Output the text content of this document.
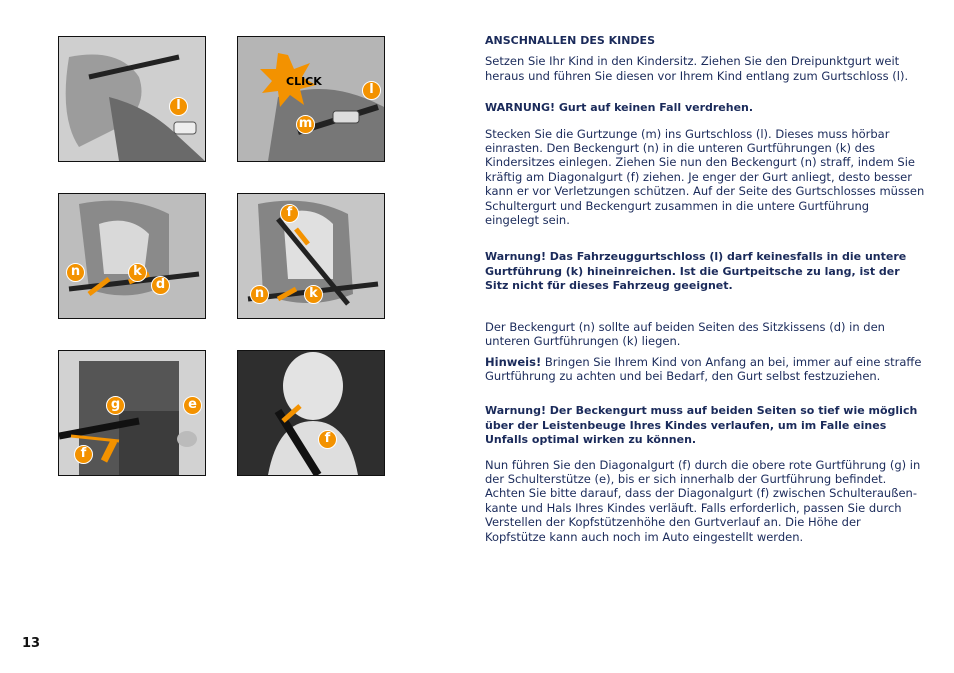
l
CLICK
l
m
n	k
d
f
n	k
g	e
f
f

ANSCHNALLEN DES KINDES

Setzen Sie Ihr Kind in den Kindersitz. Ziehen Sie den Dreipunktgurt weit heraus und führen Sie diesen vor Ihrem Kind entlang zum Gurtschloss (l).

WARNUNG! Gurt auf keinen Fall verdrehen.

Stecken Sie die Gurtzunge (m) ins Gurtschloss (l). Dieses muss hörbar einrasten. Den Beckengurt (n) in die unteren Gurtführungen (k) des Kindersitzes einlegen. Ziehen Sie nun den Beckengurt (n) straff, indem Sie kräftig am Diagonalgurt (f) ziehen. Je enger der Gurt anliegt, desto besser kann er vor Verletzungen schützen. Auf der Seite des Gurtschlosses müssen Schultergurt und Beckengurt zusammen in die untere Gurtführung eingelegt sein.

Warnung! Das Fahrzeuggurtschloss (l) darf keinesfalls in die untere Gurtführung (k) hineinreichen. Ist die Gurtpeitsche zu lang, ist der Sitz nicht für dieses Fahrzeug geeignet.

Der Beckengurt (n) sollte auf beiden Seiten des Sitzkissens (d) in den unteren Gurtführungen (k) liegen.

Hinweis! Bringen Sie Ihrem Kind von Anfang an bei, immer auf eine straffe Gurtführung zu achten und bei Bedarf, den Gurt selbst festzuziehen.

Warnung! Der Beckengurt muss auf beiden Seiten so tief wie möglich über der Leistenbeuge Ihres Kindes verlaufen, um im Falle eines Unfalls optimal wirken zu können.

Nun führen Sie den Diagonalgurt (f) durch die obere rote Gurtführung (g) in der Schulterstütze (e), bis er sich innerhalb der Gurtführung befindet. Achten Sie bitte darauf, dass der Diagonalgurt (f) zwischen Schulteraußen- kante und Hals Ihres Kindes verläuft. Falls erforderlich, passen Sie durch Verstellen der Kopfstützenhöhe den Gurtverlauf an. Die Höhe der Kopfstütze kann auch noch im Auto eingestellt werden.

13
